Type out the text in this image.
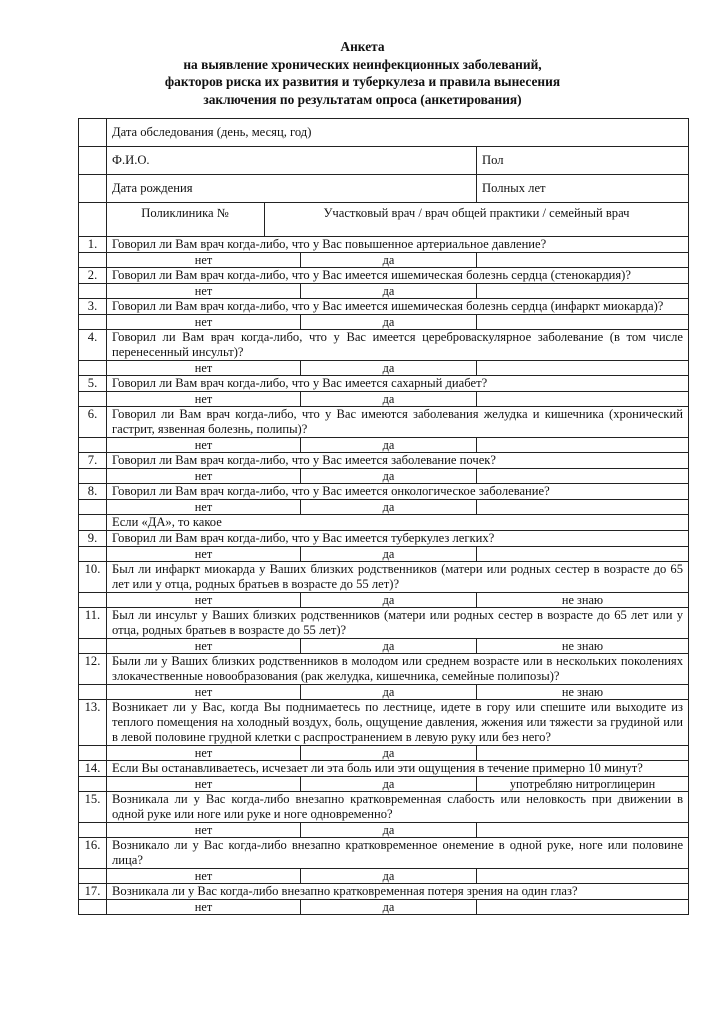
Анкета
на выявление хронических неинфекционных заболеваний,
факторов риска их развития и туберкулеза и правила вынесения
заключения по результатам опроса (анкетирования)
	Дата обследования (день, месяц, год)
	Ф.И.О.	Пол
	Дата рождения	Полных лет

Поликлиника №	Участковый врач / врач общей практики / семейный врач

1.	Говорил ли Вам врач когда-либо, что у Вас повышенное артериальное давление?
	нет	да	
2.	Говорил ли Вам врач когда-либо, что у Вас имеется ишемическая болезнь сердца (стенокардия)?
	нет	да	
3.	Говорил ли Вам врач когда-либо, что у Вас имеется ишемическая болезнь сердца (инфаркт миокарда)?
	нет	да	
4.	Говорил ли Вам врач когда-либо, что у Вас имеется цереброваскулярное заболевание (в том числе перенесенный инсульт)?
	нет	да	
5.	Говорил ли Вам врач когда-либо, что у Вас имеется сахарный диабет?
	нет	да	
6.	Говорил ли Вам врач когда-либо, что у Вас имеются заболевания желудка и кишечника (хронический гастрит, язвенная болезнь, полипы)?
	нет	да	
7.	Говорил ли Вам врач когда-либо, что у Вас имеется заболевание почек?
	нет	да	
8.	Говорил ли Вам врач когда-либо, что у Вас имеется онкологическое заболевание?
	нет	да	
	Если «ДА», то какое
9.	Говорил ли Вам врач когда-либо, что у Вас имеется туберкулез легких?
	нет	да	
10.	Был ли инфаркт миокарда у Ваших близких родственников (матери или родных сестер в возрасте до 65 лет или у отца, родных братьев в возрасте до 55 лет)?
	нет	да	не знаю
11.	Был ли инсульт у Ваших близких родственников (матери или родных сестер в возрасте до 65 лет или у отца, родных братьев в возрасте до 55 лет)?
	нет	да	не знаю
12.	Были ли у Ваших близких родственников в молодом или среднем возрасте или в нескольких поколениях злокачественные новообразования (рак желудка, кишечника, семейные полипозы)?
	нет	да	не знаю
13.	Возникает ли у Вас, когда Вы поднимаетесь по лестнице, идете в гору или спешите или выходите из теплого помещения на холодный воздух, боль, ощущение давления, жжения или тяжести за грудиной или в левой половине грудной клетки с распространением в левую руку или без него?
	нет	да	
14.	Если Вы останавливаетесь, исчезает ли эта боль или эти ощущения в течение примерно 10 минут?
	нет	да	употребляю нитроглицерин
15.	Возникала ли у Вас когда-либо внезапно кратковременная слабость или неловкость при движении в одной руке или ноге или руке и ноге одновременно?
	нет	да	
16.	Возникало ли у Вас когда-либо внезапно кратковременное онемение в одной руке, ноге или половине лица?
	нет	да	
17.	Возникала ли у Вас когда-либо внезапно кратковременная потеря зрения на один глаз?
	нет	да	
